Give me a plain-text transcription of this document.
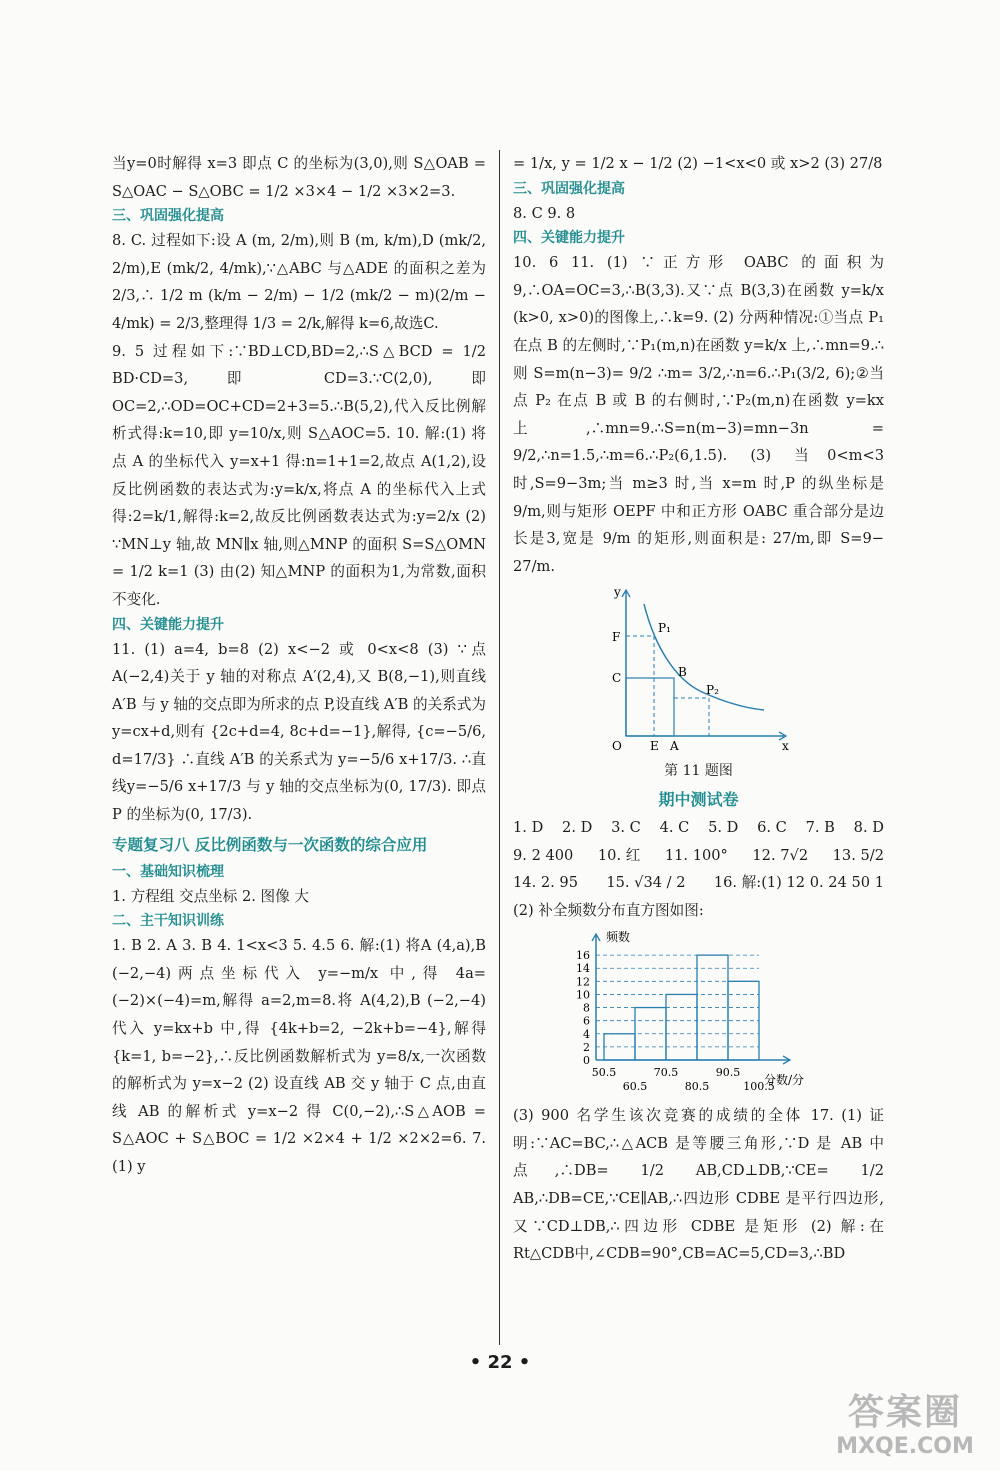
当y=0时解得 x=3 即点 C 的坐标为(3,0),则 S△OAB = S△OAC − S△OBC = 1/2 ×3×4 − 1/2 ×3×2=3.

三、巩固强化提高

8. C. 过程如下:设 A (m, 2/m),则 B (m, k/m),D (mk/2, 2/m),E (mk/2, 4/mk),∵△ABC 与△ADE 的面积之差为 2/3,∴ 1/2 m (k/m − 2/m) − 1/2 (mk/2 − m)(2/m − 4/mk) = 2/3,整理得 1/3 = 2/k,解得 k=6,故选C.

9. 5 过程如下:∵BD⊥CD,BD=2,∴S△BCD = 1/2 BD·CD=3,即 CD=3.∵C(2,0),即 OC=2,∴OD=OC+CD=2+3=5.∴B(5,2),代入反比例解析式得:k=10,即 y=10/x,则 S△AOC=5. 10. 解:(1) 将点 A 的坐标代入 y=x+1 得:n=1+1=2,故点 A(1,2),设反比例函数的表达式为:y=k/x,将点 A 的坐标代入上式得:2=k/1,解得:k=2,故反比例函数表达式为:y=2/x (2) ∵MN⊥y 轴,故 MN∥x 轴,则△MNP 的面积 S=S△OMN = 1/2 k=1 (3) 由(2) 知△MNP 的面积为1,为常数,面积不变化.

四、关键能力提升

11. (1) a=4, b=8 (2) x<−2 或 0<x<8 (3) ∵点A(−2,4)关于 y 轴的对称点 A′(2,4),又 B(8,−1),则直线 A′B 与 y 轴的交点即为所求的点 P,设直线 A′B 的关系式为 y=cx+d,则有 {2c+d=4, 8c+d=−1},解得, {c=−5/6, d=17/3} ∴直线 A′B 的关系式为 y=−5/6 x+17/3. ∴直线y=−5/6 x+17/3 与 y 轴的交点坐标为(0, 17/3). 即点 P 的坐标为(0, 17/3).

专题复习八 反比例函数与一次函数的综合应用

一、基础知识梳理

1. 方程组 交点坐标 2. 图像 大

二、主干知识训练

1. B 2. A 3. B 4. 1<x<3 5. 4.5 6. 解:(1) 将A (4,a),B (−2,−4)两点坐标代入 y=−m/x 中,得 4a=(−2)×(−4)=m,解得 a=2,m=8.将 A(4,2),B (−2,−4)代入 y=kx+b 中,得 {4k+b=2, −2k+b=−4},解得 {k=1, b=−2},∴反比例函数解析式为 y=8/x,一次函数的解析式为 y=x−2 (2) 设直线 AB 交 y 轴于 C 点,由直线 AB 的解析式 y=x−2 得 C(0,−2),∴S△AOB = S△AOC + S△BOC = 1/2 ×2×4 + 1/2 ×2×2=6. 7. (1) y

= 1/x, y = 1/2 x − 1/2 (2) −1<x<0 或 x>2 (3) 27/8

三、巩固强化提高

8. C 9. 8

四、关键能力提升

10. 6 11. (1) ∵正方形 OABC 的面积为 9,∴OA=OC=3,∴B(3,3).又∵点 B(3,3)在函数 y=k/x (k>0, x>0)的图像上,∴k=9. (2) 分两种情况:①当点 P₁ 在点 B 的左侧时,∵P₁(m,n)在函数 y=k/x 上,∴mn=9.∴则 S=m(n−3)= 9/2 ∴m= 3/2,∴n=6.∴P₁(3/2, 6);②当点 P₂ 在点 B 或 B 的右侧时,∵P₂(m,n)在函数 y=kx 上,∴mn=9.∴S=n(m−3)=mn−3n = 9/2,∴n=1.5,∴m=6.∴P₂(6,1.5). (3) 当0<m<3 时,S=9−3m;当 m≥3 时,当 x=m 时,P 的纵坐标是 9/m,则与矩形 OEPF 中和正方形 OABC 重合部分是边长是3,宽是 9/m 的矩形,则面积是: 27/m,即 S=9− 27/m.

y
x
F
C
O E A
B
P₁
P₂

第 11 题图

期中测试卷

1. D 2. D 3. C 4. C 5. D 6. C 7. B 8. D
9. 2 400 10. 红 11. 100° 12. 7√2 13. 5/2
14. 2. 95 15. √34 / 2 16. 解:(1) 12 0. 24 50 1

(2) 补全频数分布直方图如图:

0
2
4
6
8
10
12
14
16
频数
50.5
60.5
70.5
80.5
90.5
100.5
分数/分

(3) 900 名学生该次竞赛的成绩的全体 17. (1) 证明:∵AC=BC,∴△ACB 是等腰三角形,∵D 是 AB 中点,∴DB= 1/2 AB,CD⊥DB,∵CE= 1/2 AB,∴DB=CE,∵CE∥AB,∴四边形 CDBE 是平行四边形,又∵CD⊥DB,∴四边形 CDBE 是矩形 (2) 解:在 Rt△CDB中,∠CDB=90°,CB=AC=5,CD=3,∴BD

• 22 •
答案圈
MXQE.COM
